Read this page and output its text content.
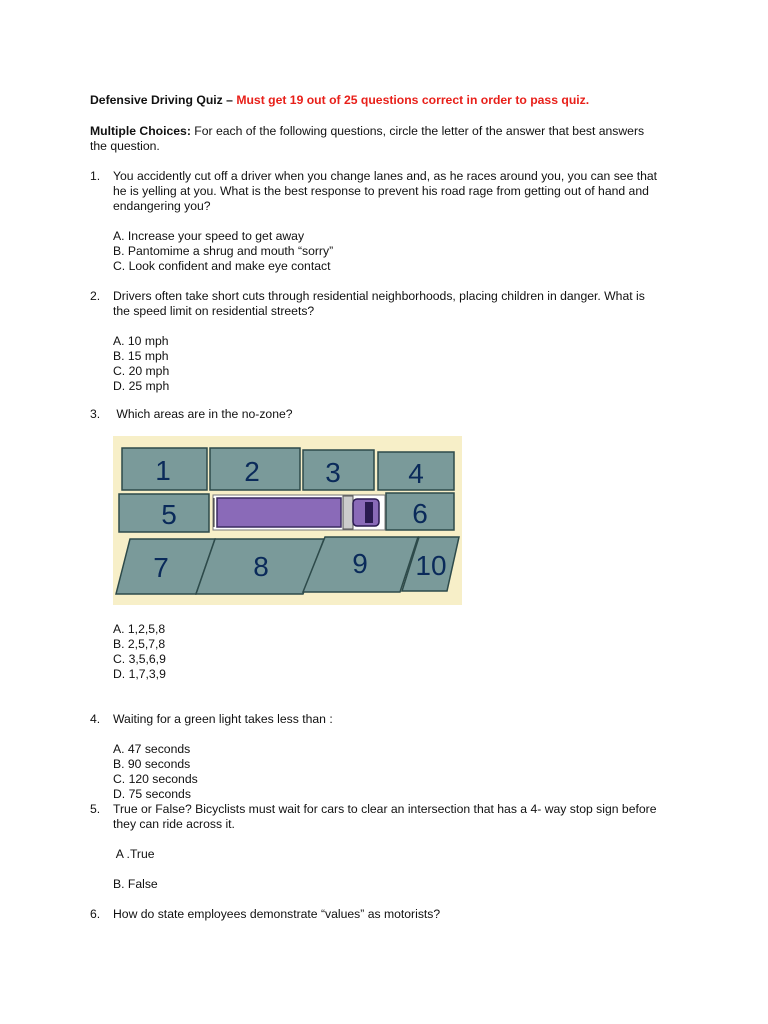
Defensive Driving Quiz – Must get 19 out of 25 questions correct in order to pass quiz.
Multiple Choices: For each of the following questions, circle the letter of the answer that best answers
the question.
1. You accidently cut off a driver when you change lanes and, as he races around you, you can see that
he is yelling at you. What is the best response to prevent his road rage from getting out of hand and
endangering you?
A. Increase your speed to get away
B. Pantomime a shrug and mouth “sorry”
C. Look confident and make eye contact
2. Drivers often take short cuts through residential neighborhoods, placing children in danger. What is
the speed limit on residential streets?
A. 10 mph
B. 15 mph
C. 20 mph
D. 25 mph
3. Which areas are in the no-zone?
1	2 3 4
5	6
7	8	9 10
A. 1,2,5,8
B. 2,5,7,8
C. 3,5,6,9
D. 1,7,3,9
4. Waiting for a green light takes less than :
A. 47 seconds
B. 90 seconds
C. 120 seconds
D. 75 seconds
5. True or False? Bicyclists must wait for cars to clear an intersection that has a 4- way stop sign before
they can ride across it.
A .True
B. False
6. How do state employees demonstrate “values” as motorists?
